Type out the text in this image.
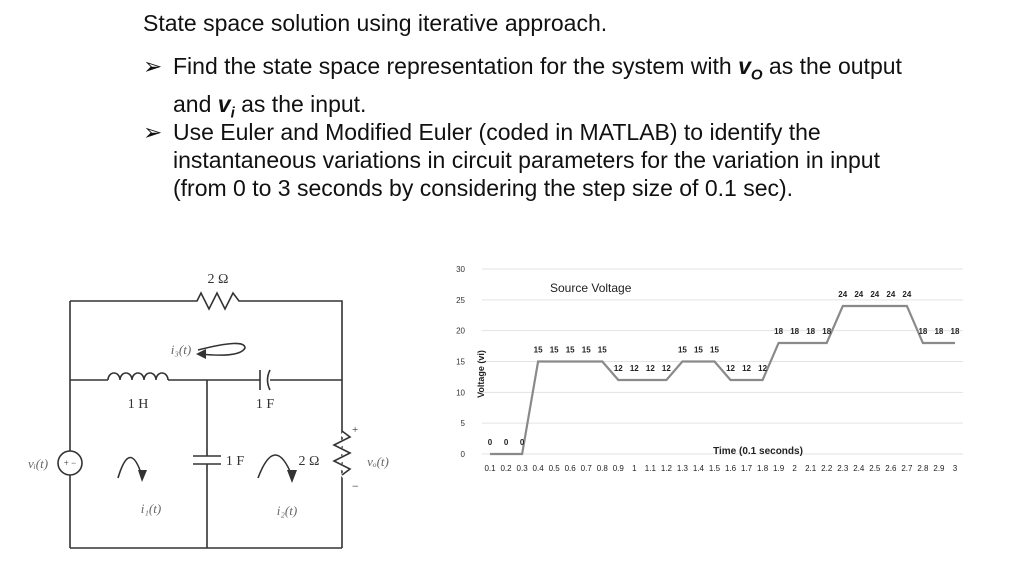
State space solution using iterative approach.
➢ Find the state space representation for the system with $v_O$ as the output and $v_i$ as the input.
➢ Use Euler and Modified Euler (coded in MATLAB) to identify the instantaneous variations in circuit parameters for the variation in input (from 0 to 3 seconds by considering the step size of 0.1 sec).
+ −
2 Ω
1 H	1 F
1 F	2 Ω
vᵢ(t)	vₒ(t)
+
−
i₁(t)	i₂(t)
i₃(t)
0
5
10
15
20
25
30
0.1 0.2 0.3 0.4 0.5 0.6 0.7 0.8 0.9 1 1.1 1.2 1.3 1.4 1.5 1.6 1.7 1.8 1.9 2 2.1 2.2 2.3 2.4 2.5 2.6 2.7 2.8 2.9 3
0 0 0
15 15 15 15 15
12 12 12 12
15 15 15
12 12 12
18 18 18 18
24 24 24 24 24
18 18 18
Source Voltage
Time (0.1 seconds)
Voltage (vi)
